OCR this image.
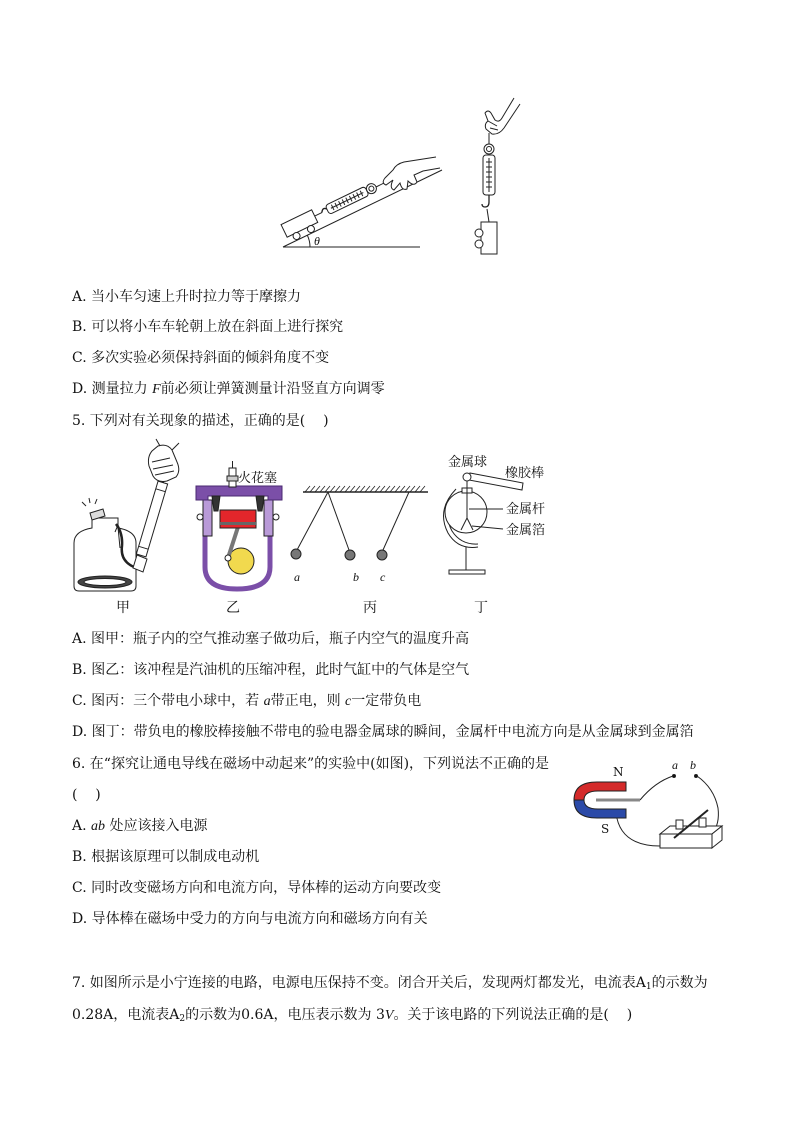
θ
火花塞
a	b c
金属球
橡胶棒
金属杆
金属箔
甲	乙	丙	丁
N
S
a b
A. 当小车匀速上升时拉力等于摩擦力
B. 可以将小车车轮朝上放在斜面上进行探究
C. 多次实验必须保持斜面的倾斜角度不变
D. 测量拉力 F前必须让弹簧测量计沿竖直方向调零
5. 下列对有关现象的描述，正确的是(    )
A. 图甲：瓶子内的空气推动塞子做功后，瓶子内空气的温度升高
B. 图乙：该冲程是汽油机的压缩冲程，此时气缸中的气体是空气
C. 图丙：三个带电小球中，若 a带正电，则 c一定带负电
D. 图丁：带负电的橡胶棒接触不带电的验电器金属球的瞬间，金属杆中电流方向是从金属球到金属箔
6. 在“探究让通电导线在磁场中动起来”的实验中(如图)，下列说法不正确的是
(    )
A. ab 处应该接入电源
B. 根据该原理可以制成电动机
C. 同时改变磁场方向和电流方向，导体棒的运动方向要改变
D. 导体棒在磁场中受力的方向与电流方向和磁场方向有关
7. 如图所示是小宁连接的电路，电源电压保持不变。闭合开关后，发现两灯都发光，电流表$A_1$的示数为
0.28A，电流表$A_2$的示数为0.6A，电压表示数为 3V。关于该电路的下列说法正确的是(    )
